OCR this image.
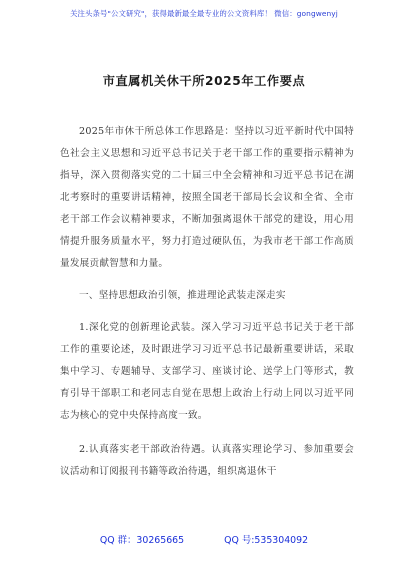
关注头条号"公文研究"，获得最新最全最专业的公文资料库！ 微信：gongwenyj
市直属机关休干所2025年工作要点

2025年市休干所总体工作思路是：坚持以习近平新时代中国特色社会主义思想和习近平总书记关于老干部工作的重要指示精神为指导，深入贯彻落实党的二十届三中全会精神和习近平总书记在湖北考察时的重要讲话精神，按照全国老干部局长会议和全省、全市老干部工作会议精神要求，不断加强离退休干部党的建设，用心用情提升服务质量水平，努力打造过硬队伍，为我市老干部工作高质量发展贡献智慧和力量。

一、坚持思想政治引领，推进理论武装走深走实

1.深化党的创新理论武装。深入学习习近平总书记关于老干部工作的重要论述，及时跟进学习习近平总书记最新重要讲话，采取集中学习、专题辅导、支部学习、座谈讨论、送学上门等形式，教育引导干部职工和老同志自觉在思想上政治上行动上同以习近平同志为核心的党中央保持高度一致。

2.认真落实老干部政治待遇。认真落实理论学习、参加重要会议活动和订阅报刊书籍等政治待遇，组织离退休干

QQ 群：30265665	QQ 号:535304092
